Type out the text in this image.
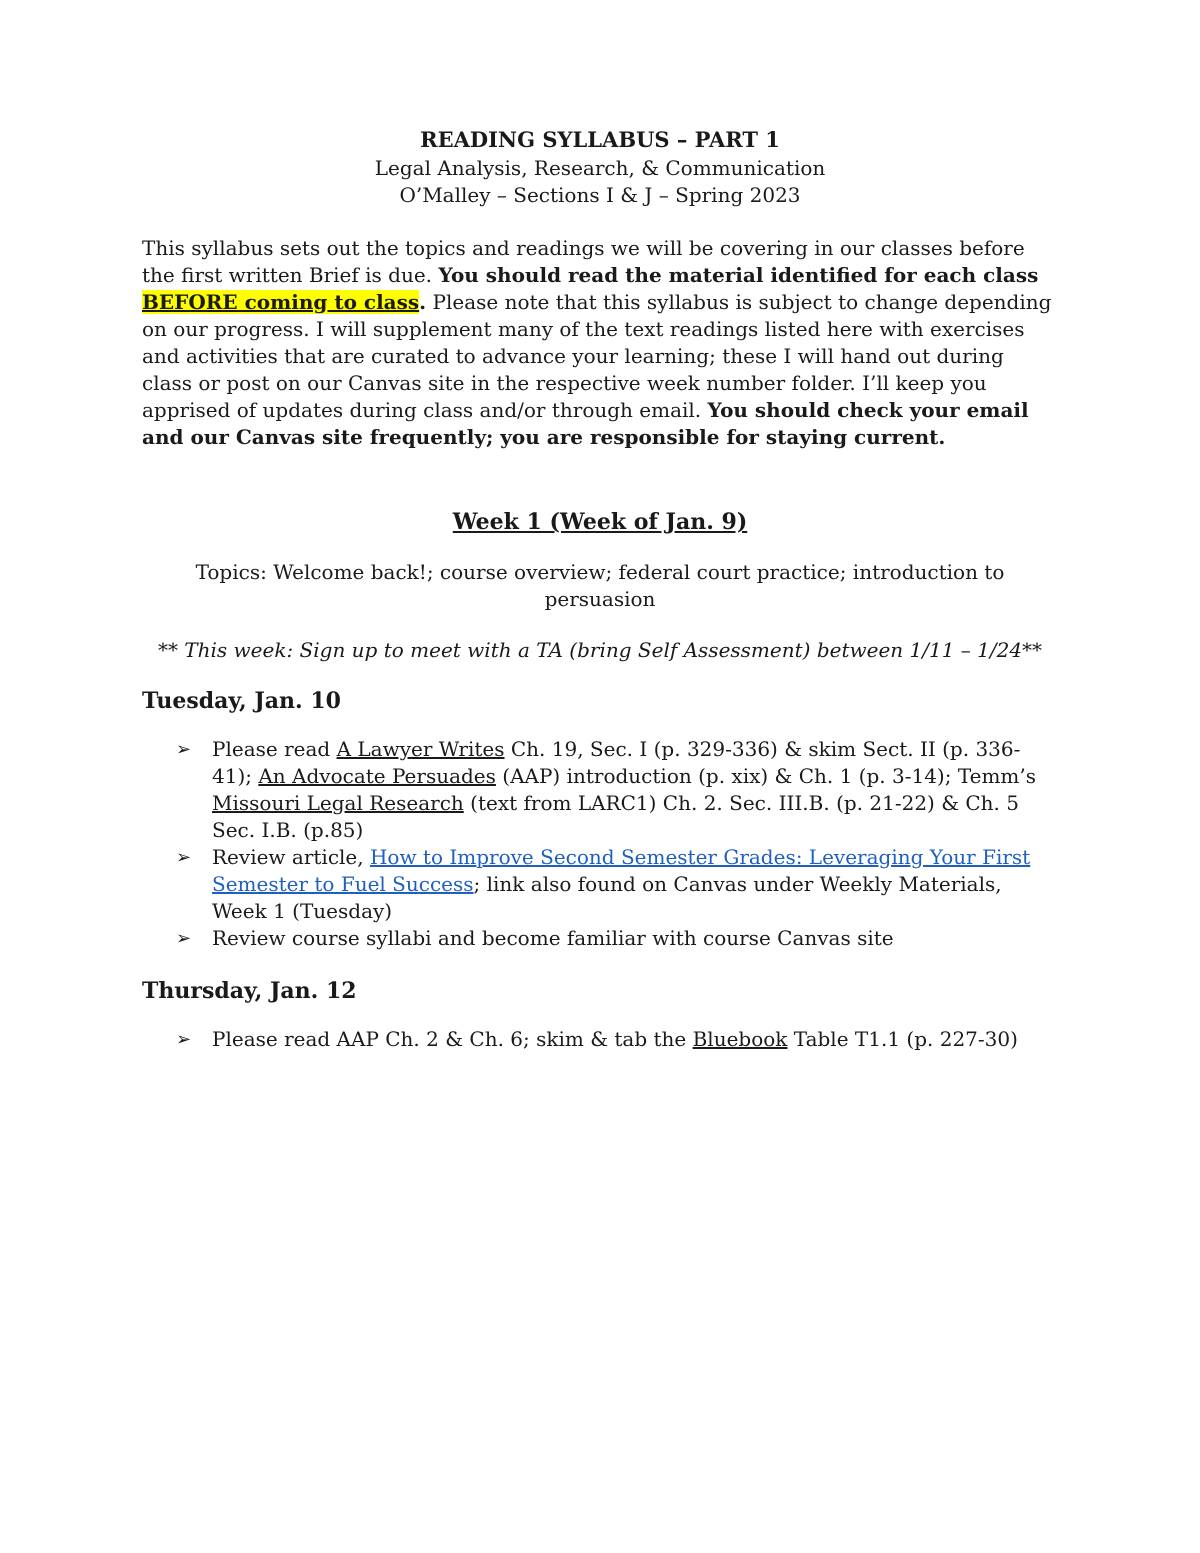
READING SYLLABUS – PART 1

Legal Analysis, Research, & Communication

O’Malley – Sections I & J – Spring 2023

This syllabus sets out the topics and readings we will be covering in our classes before the first written Brief is due. You should read the material identified for each class BEFORE coming to class. Please note that this syllabus is subject to change depending on our progress. I will supplement many of the text readings listed here with exercises and activities that are curated to advance your learning; these I will hand out during class or post on our Canvas site in the respective week number folder. I’ll keep you apprised of updates during class and/or through email. You should check your email and our Canvas site frequently; you are responsible for staying current.

Week 1 (Week of Jan. 9)

Topics: Welcome back!; course overview; federal court practice; introduction to persuasion

** This week: Sign up to meet with a TA (bring Self Assessment) between 1/11 – 1/24**

Tuesday, Jan. 10

➢ Please read A Lawyer Writes Ch. 19, Sec. I (p. 329-336) & skim Sect. II (p. 336-41); An Advocate Persuades (AAP) introduction (p. xix) & Ch. 1 (p. 3-14); Temm’s Missouri Legal Research (text from LARC1) Ch. 2. Sec. III.B. (p. 21-22) & Ch. 5 Sec. I.B. (p.85)
➢ Review article, How to Improve Second Semester Grades: Leveraging Your First Semester to Fuel Success; link also found on Canvas under Weekly Materials, Week 1 (Tuesday)
➢ Review course syllabi and become familiar with course Canvas site

Thursday, Jan. 12

➢ Please read AAP Ch. 2 & Ch. 6; skim & tab the Bluebook Table T1.1 (p. 227-30)
